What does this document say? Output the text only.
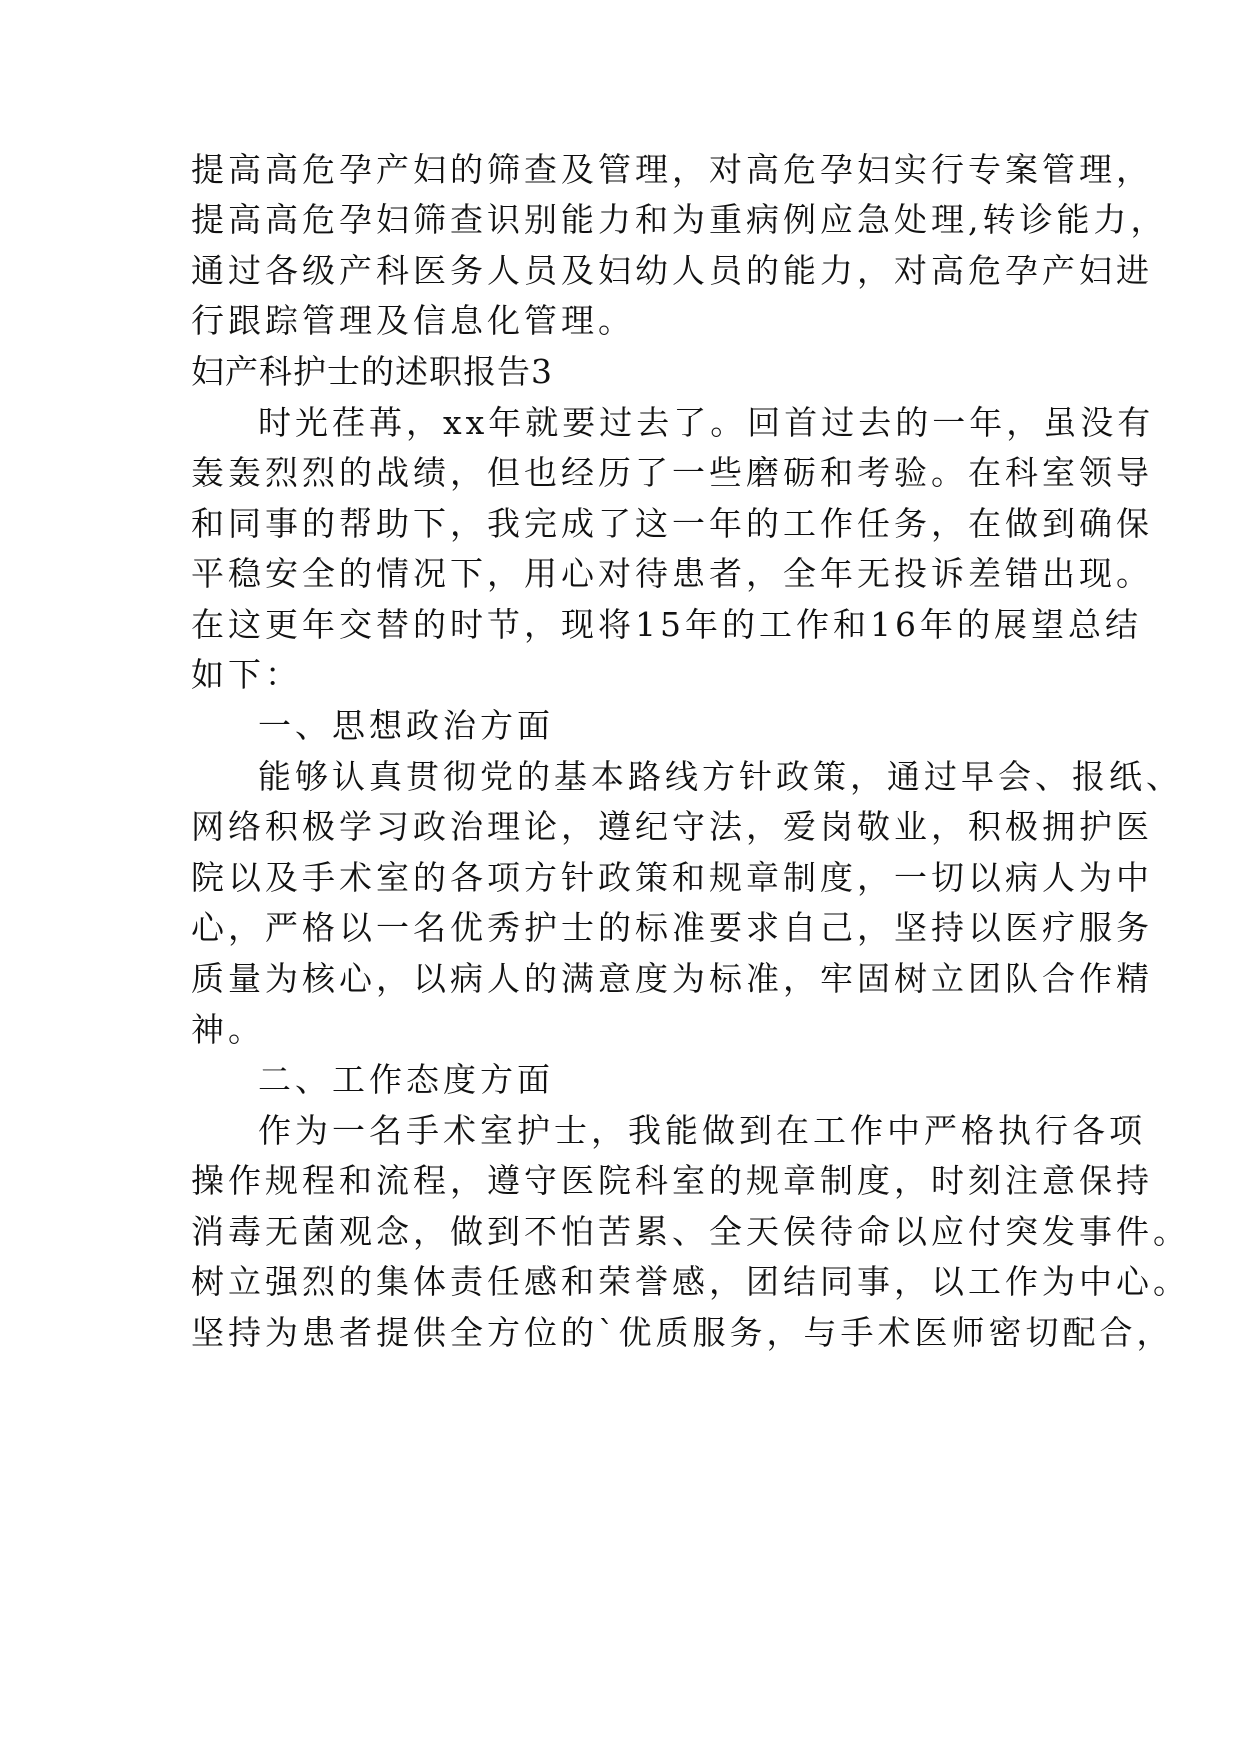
提高高危孕产妇的筛查及管理，对高危孕妇实行专案管理，

提高高危孕妇筛查识别能力和为重病例应急处理,转诊能力，

通过各级产科医务人员及妇幼人员的能力，对高危孕产妇进

行跟踪管理及信息化管理。

妇产科护士的述职报告3

时光荏苒，xx年就要过去了。回首过去的一年，虽没有

轰轰烈烈的战绩，但也经历了一些磨砺和考验。在科室领导

和同事的帮助下，我完成了这一年的工作任务，在做到确保

平稳安全的情况下，用心对待患者，全年无投诉差错出现。

在这更年交替的时节，现将15年的工作和16年的展望总结

如下：

一、思想政治方面

能够认真贯彻党的基本路线方针政策，通过早会、报纸、

网络积极学习政治理论，遵纪守法，爱岗敬业，积极拥护医

院以及手术室的各项方针政策和规章制度，一切以病人为中

心，严格以一名优秀护士的标准要求自己，坚持以医疗服务

质量为核心，以病人的满意度为标准，牢固树立团队合作精

神。

二、工作态度方面

作为一名手术室护士，我能做到在工作中严格执行各项

操作规程和流程，遵守医院科室的规章制度，时刻注意保持

消毒无菌观念，做到不怕苦累、全天侯待命以应付突发事件。

树立强烈的集体责任感和荣誉感，团结同事，以工作为中心。

坚持为患者提供全方位的`优质服务，与手术医师密切配合，
